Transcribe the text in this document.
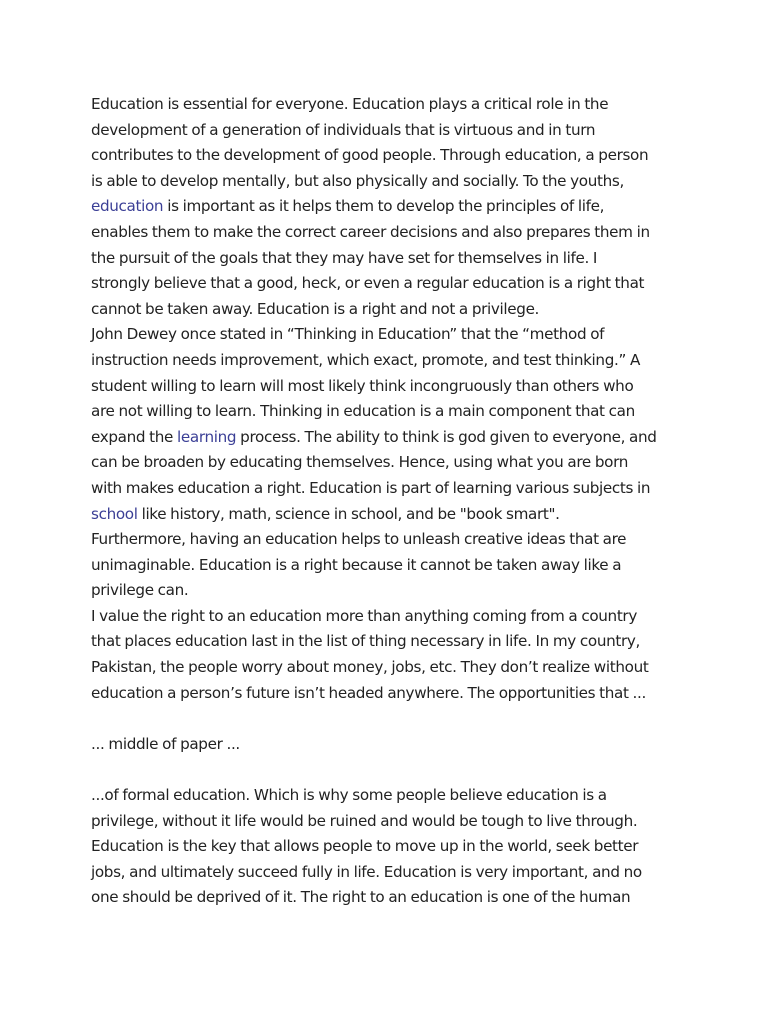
Education is essential for everyone. Education plays a critical role in the
development of a generation of individuals that is virtuous and in turn
contributes to the development of good people. Through education, a person
is able to develop mentally, but also physically and socially. To the youths,
education is important as it helps them to develop the principles of life,
enables them to make the correct career decisions and also prepares them in
the pursuit of the goals that they may have set for themselves in life. I
strongly believe that a good, heck, or even a regular education is a right that
cannot be taken away. Education is a right and not a privilege.
John Dewey once stated in “Thinking in Education” that the “method of
instruction needs improvement, which exact, promote, and test thinking.” A
student willing to learn will most likely think incongruously than others who
are not willing to learn. Thinking in education is a main component that can
expand the learning process. The ability to think is god given to everyone, and
can be broaden by educating themselves. Hence, using what you are born
with makes education a right. Education is part of learning various subjects in
school like history, math, science in school, and be "book smart".
Furthermore, having an education helps to unleash creative ideas that are
unimaginable. Education is a right because it cannot be taken away like a
privilege can.
I value the right to an education more than anything coming from a country
that places education last in the list of thing necessary in life. In my country,
Pakistan, the people worry about money, jobs, etc. They don’t realize without
education a person’s future isn’t headed anywhere. The opportunities that ...
... middle of paper ...
...of formal education. Which is why some people believe education is a
privilege, without it life would be ruined and would be tough to live through.
Education is the key that allows people to move up in the world, seek better
jobs, and ultimately succeed fully in life. Education is very important, and no
one should be deprived of it. The right to an education is one of the human
